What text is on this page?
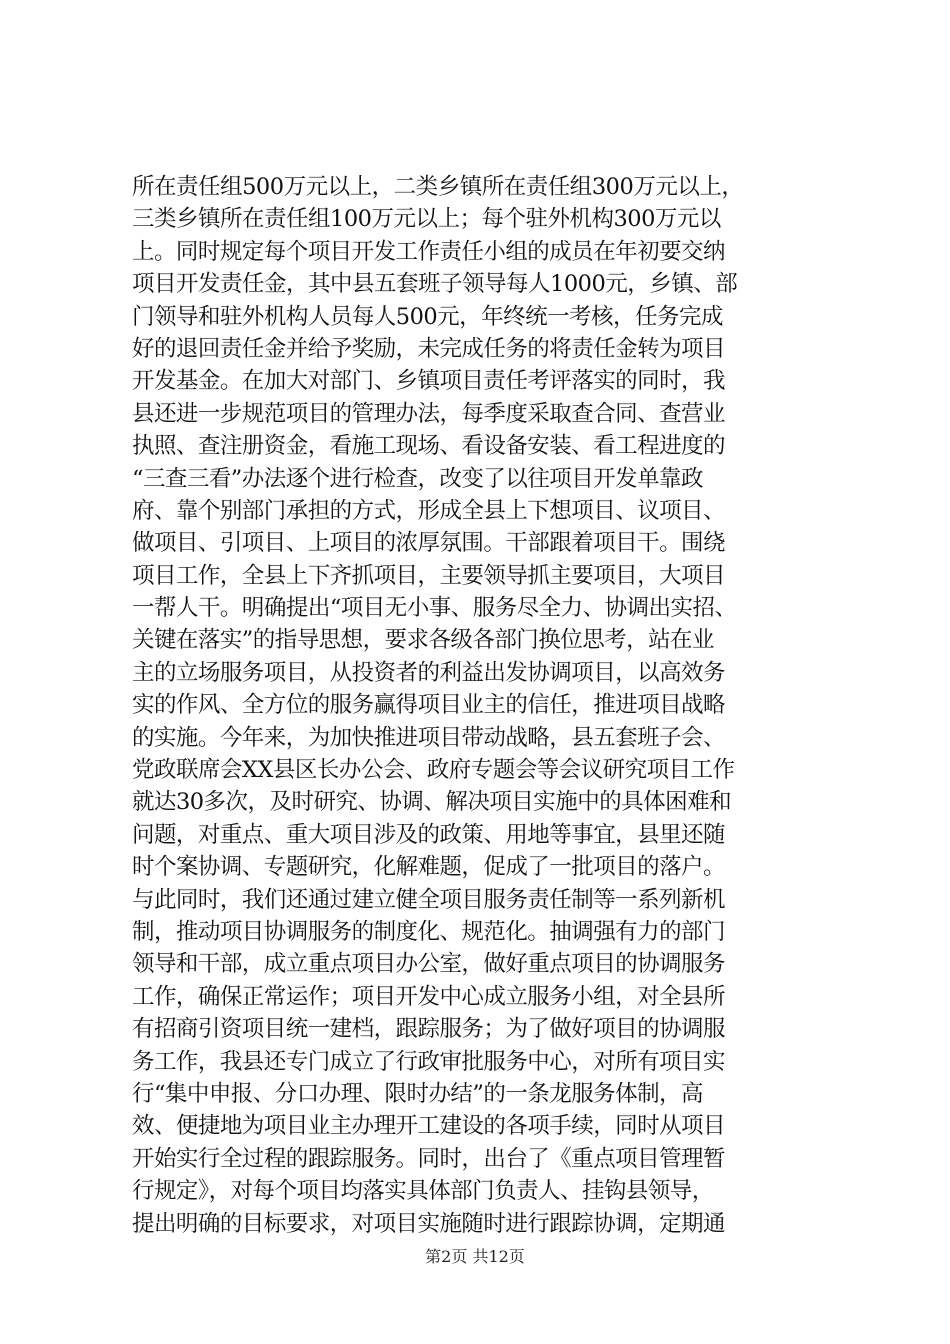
所在责任组500万元以上，二类乡镇所在责任组300万元以上，
三类乡镇所在责任组100万元以上；每个驻外机构300万元以
上。同时规定每个项目开发工作责任小组的成员在年初要交纳
项目开发责任金，其中县五套班子领导每人1000元，乡镇、部
门领导和驻外机构人员每人500元，年终统一考核，任务完成
好的退回责任金并给予奖励，未完成任务的将责任金转为项目
开发基金。在加大对部门、乡镇项目责任考评落实的同时，我
县还进一步规范项目的管理办法，每季度采取查合同、查营业
执照、查注册资金，看施工现场、看设备安装、看工程进度的
“三查三看”办法逐个进行检查，改变了以往项目开发单靠政
府、靠个别部门承担的方式，形成全县上下想项目、议项目、
做项目、引项目、上项目的浓厚氛围。干部跟着项目干。围绕
项目工作，全县上下齐抓项目，主要领导抓主要项目，大项目
一帮人干。明确提出“项目无小事、服务尽全力、协调出实招、
关键在落实”的指导思想，要求各级各部门换位思考，站在业
主的立场服务项目，从投资者的利益出发协调项目，以高效务
实的作风、全方位的服务赢得项目业主的信任，推进项目战略
的实施。今年来，为加快推进项目带动战略，县五套班子会、
党政联席会XX县区长办公会、政府专题会等会议研究项目工作
就达30多次，及时研究、协调、解决项目实施中的具体困难和
问题，对重点、重大项目涉及的政策、用地等事宜，县里还随
时个案协调、专题研究，化解难题，促成了一批项目的落户。
与此同时，我们还通过建立健全项目服务责任制等一系列新机
制，推动项目协调服务的制度化、规范化。抽调强有力的部门
领导和干部，成立重点项目办公室，做好重点项目的协调服务
工作，确保正常运作；项目开发中心成立服务小组，对全县所
有招商引资项目统一建档，跟踪服务；为了做好项目的协调服
务工作，我县还专门成立了行政审批服务中心，对所有项目实
行“集中申报、分口办理、限时办结”的一条龙服务体制，高
效、便捷地为项目业主办理开工建设的各项手续，同时从项目
开始实行全过程的跟踪服务。同时，出台了《重点项目管理暂
行规定》，对每个项目均落实具体部门负责人、挂钩县领导，
提出明确的目标要求，对项目实施随时进行跟踪协调，定期通
第2页 共12页
